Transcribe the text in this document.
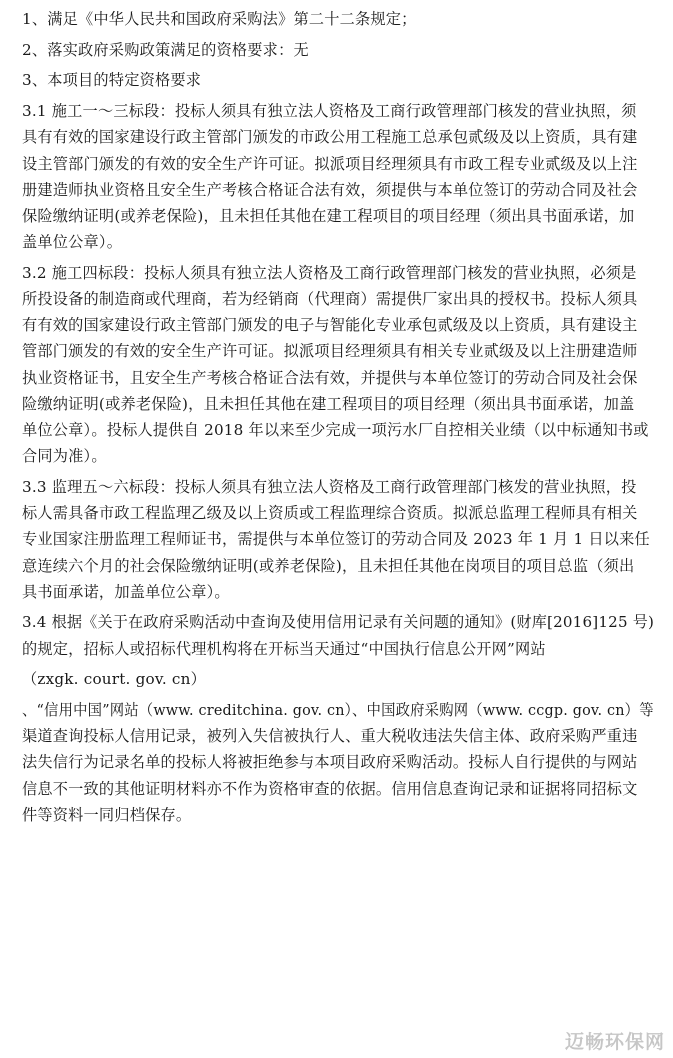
1、满足《中华人民共和国政府采购法》第二十二条规定；
2、落实政府采购政策满足的资格要求：无
3、本项目的特定资格要求
3.1 施工一～三标段：投标人须具有独立法人资格及工商行政管理部门核发的营业执照，须
具有有效的国家建设行政主管部门颁发的市政公用工程施工总承包贰级及以上资质，具有建
设主管部门颁发的有效的安全生产许可证。拟派项目经理须具有市政工程专业贰级及以上注
册建造师执业资格且安全生产考核合格证合法有效，须提供与本单位签订的劳动合同及社会
保险缴纳证明(或养老保险)，且未担任其他在建工程项目的项目经理（须出具书面承诺，加
盖单位公章）。
3.2 施工四标段：投标人须具有独立法人资格及工商行政管理部门核发的营业执照，必须是
所投设备的制造商或代理商，若为经销商（代理商）需提供厂家出具的授权书。投标人须具
有有效的国家建设行政主管部门颁发的电子与智能化专业承包贰级及以上资质，具有建设主
管部门颁发的有效的安全生产许可证。拟派项目经理须具有相关专业贰级及以上注册建造师
执业资格证书，且安全生产考核合格证合法有效，并提供与本单位签订的劳动合同及社会保
险缴纳证明(或养老保险)，且未担任其他在建工程项目的项目经理（须出具书面承诺，加盖
单位公章）。投标人提供自 2018 年以来至少完成一项污水厂自控相关业绩（以中标通知书或
合同为准）。
3.3 监理五～六标段：投标人须具有独立法人资格及工商行政管理部门核发的营业执照，投
标人需具备市政工程监理乙级及以上资质或工程监理综合资质。拟派总监理工程师具有相关
专业国家注册监理工程师证书，需提供与本单位签订的劳动合同及 2023 年 1 月 1 日以来任
意连续六个月的社会保险缴纳证明(或养老保险)，且未担任其他在岗项目的项目总监（须出
具书面承诺，加盖单位公章）。
3.4 根据《关于在政府采购活动中查询及使用信用记录有关问题的通知》(财库[2016]125 号)
的规定，招标人或招标代理机构将在开标当天通过“中国执行信息公开网”网站
（zxgk. court. gov. cn）
、“信用中国”网站（www. creditchina. gov. cn）、中国政府采购网（www. ccgp. gov. cn）等
渠道查询投标人信用记录，被列入失信被执行人、重大税收违法失信主体、政府采购严重违
法失信行为记录名单的投标人将被拒绝参与本项目政府采购活动。投标人自行提供的与网站
信息不一致的其他证明材料亦不作为资格审查的依据。信用信息查询记录和证据将同招标文
件等资料一同归档保存。
迈畅环保网
